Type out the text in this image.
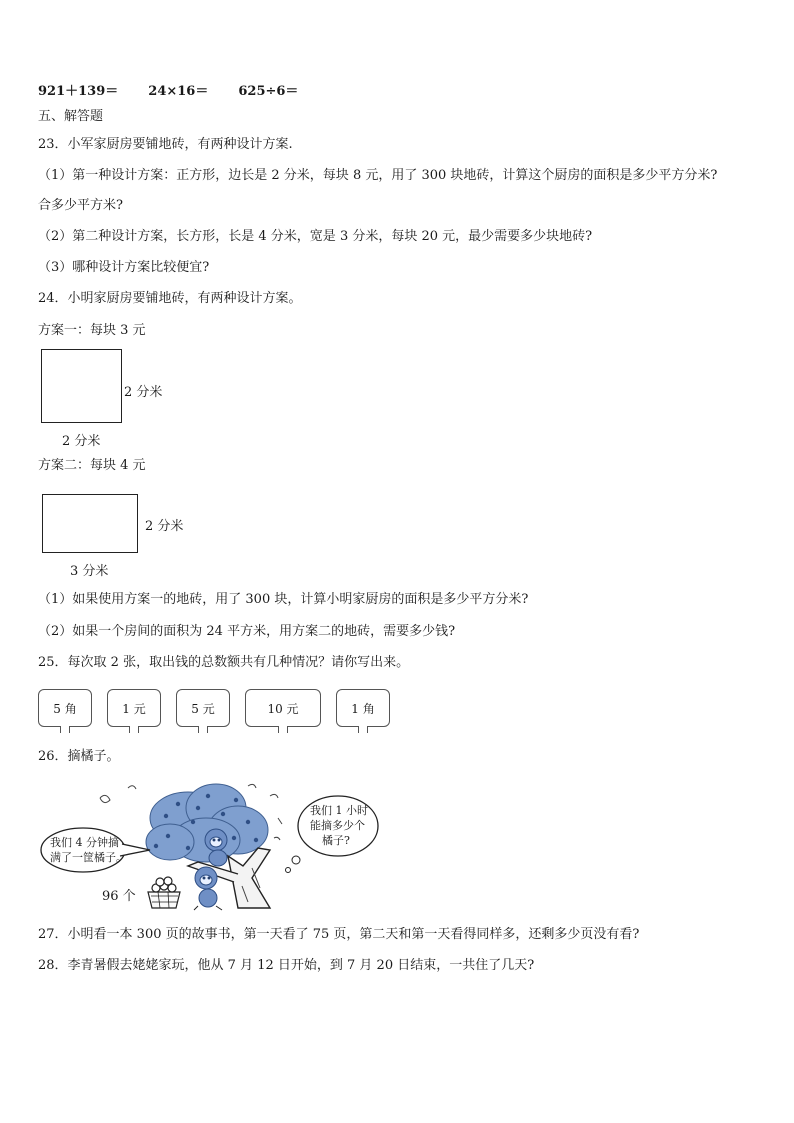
921＋139＝ 24×16＝ 625÷6＝
五、解答题
23．小军家厨房要铺地砖，有两种设计方案.
（1）第一种设计方案：正方形，边长是 2 分米，每块 8 元，用了 300 块地砖，计算这个厨房的面积是多少平方分米?
合多少平方米?
（2）第二种设计方案，长方形，长是 4 分米，宽是 3 分米，每块 20 元，最少需要多少块地砖?
（3）哪种设计方案比较便宜?
24．小明家厨房要铺地砖，有两种设计方案。
方案一：每块 3 元
2 分米
2 分米
方案二：每块 4 元
2 分米
3 分米
（1）如果使用方案一的地砖，用了 300 块，计算小明家厨房的面积是多少平方分米?
（2）如果一个房间的面积为 24 平方米，用方案二的地砖，需要多少钱?
25．每次取 2 张，取出钱的总数额共有几种情况？请你写出来。
5 角	1 元	5 元	10 元	1 角
26．摘橘子。
我们 4 分钟摘
满了一筐橘子。
我们 1 小时
能摘多少个
橘子?
96 个
27．小明看一本 300 页的故事书，第一天看了 75 页，第二天和第一天看得同样多，还剩多少页没有看?
28．李青暑假去姥姥家玩，他从 7 月 12 日开始，到 7 月 20 日结束，一共住了几天?
